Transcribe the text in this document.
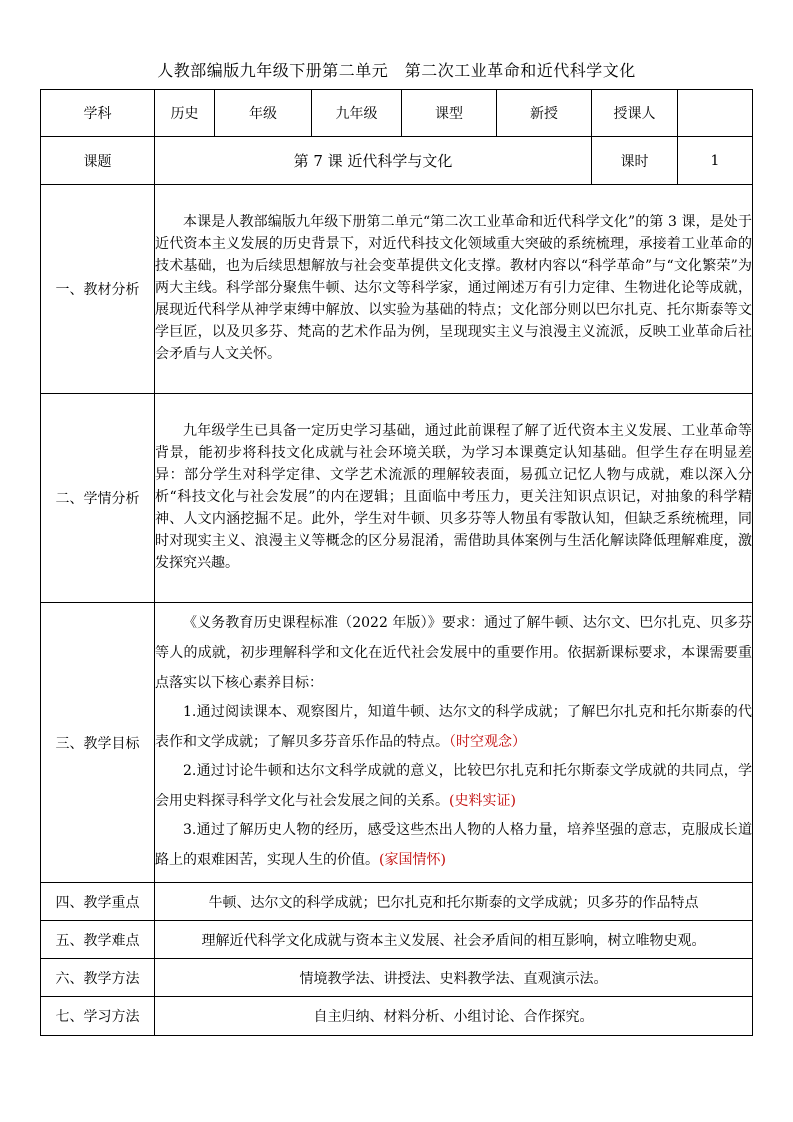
人教部编版九年级下册第二单元　第二次工业革命和近代科学文化
学科	历史	年级	九年级	课型	新授	授课人	
课题	第 7 课 近代科学与文化					课时	1
一、教材分析	本课是人教部编版九年级下册第二单元“第二次工业革命和近代科学文化”的第 3 课，是处于近代资本主义发展的历史背景下，对近代科技文化领域重大突破的系统梳理，承接着工业革命的技术基础，也为后续思想解放与社会变革提供文化支撑。教材内容以“科学革命”与“文化繁荣”为两大主线。科学部分聚焦牛顿、达尔文等科学家，通过阐述万有引力定律、生物进化论等成就，展现近代科学从神学束缚中解放、以实验为基础的特点；文化部分则以巴尔扎克、托尔斯泰等文学巨匠，以及贝多芬、梵高的艺术作品为例，呈现现实主义与浪漫主义流派，反映工业革命后社会矛盾与人文关怀。						

二、学情分析	九年级学生已具备一定历史学习基础，通过此前课程了解了近代资本主义发展、工业革命等背景，能初步将科技文化成就与社会环境关联，为学习本课奠定认知基础。但学生存在明显差异：部分学生对科学定律、文学艺术流派的理解较表面，易孤立记忆人物与成就，难以深入分析“科技文化与社会发展”的内在逻辑；且面临中考压力，更关注知识点识记，对抽象的科学精神、人文内涵挖掘不足。此外，学生对牛顿、贝多芬等人物虽有零散认知，但缺乏系统梳理，同时对现实主义、浪漫主义等概念的区分易混淆，需借助具体案例与生活化解读降低理解难度，激发探究兴趣。						

三、教学目标	《义务教育历史课程标准（2022 年版）》要求：通过了解牛顿、达尔文、巴尔扎克、贝多芬等人的成就，初步理解科学和文化在近代社会发展中的重要作用。依据新课标要求，本课需要重点落实以下核心素养目标：

1.通过阅读课本、观察图片，知道牛顿、达尔文的科学成就；了解巴尔扎克和托尔斯泰的代表作和文学成就；了解贝多芬音乐作品的特点。（时空观念）

2.通过讨论牛顿和达尔文科学成就的意义，比较巴尔扎克和托尔斯泰文学成就的共同点，学会用史料探寻科学文化与社会发展之间的关系。(史料实证)

3.通过了解历史人物的经历，感受这些杰出人物的人格力量，培养坚强的意志，克服成长道路上的艰难困苦，实现人生的价值。(家国情怀)						

四、教学重点	牛顿、达尔文的科学成就；巴尔扎克和托尔斯泰的文学成就；贝多芬的作品特点						
五、教学难点	理解近代科学文化成就与资本主义发展、社会矛盾间的相互影响，树立唯物史观。						
六、教学方法	情境教学法、讲授法、史料教学法、直观演示法。						
七、学习方法	自主归纳、材料分析、小组讨论、合作探究。						
